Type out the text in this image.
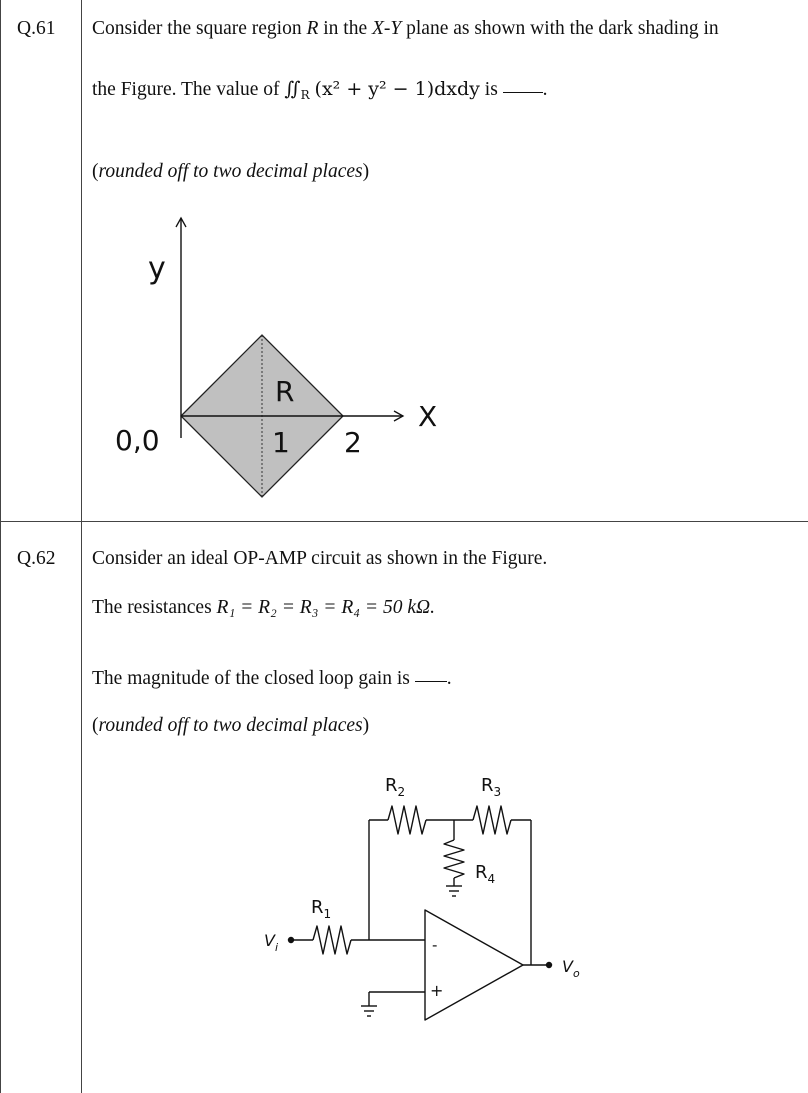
Q.61 Consider the square region R in the X-Y plane as shown with the dark shading in
the Figure. The value of $∬_R$ (x² + y² − 1)dxdy is .
(rounded off to two decimal places)
y
X
0,0
R
1 2
Q.62 Consider an ideal OP-AMP circuit as shown in the Figure.
The resistances R₁ = R₂ = R₃ = R₄ = 50 kΩ.
The magnitude of the closed loop gain is .
(rounded off to two decimal places)
$R_2$	$R_3$
$R_4$
$R_1$
$V_i$
$V_o$
-
+
